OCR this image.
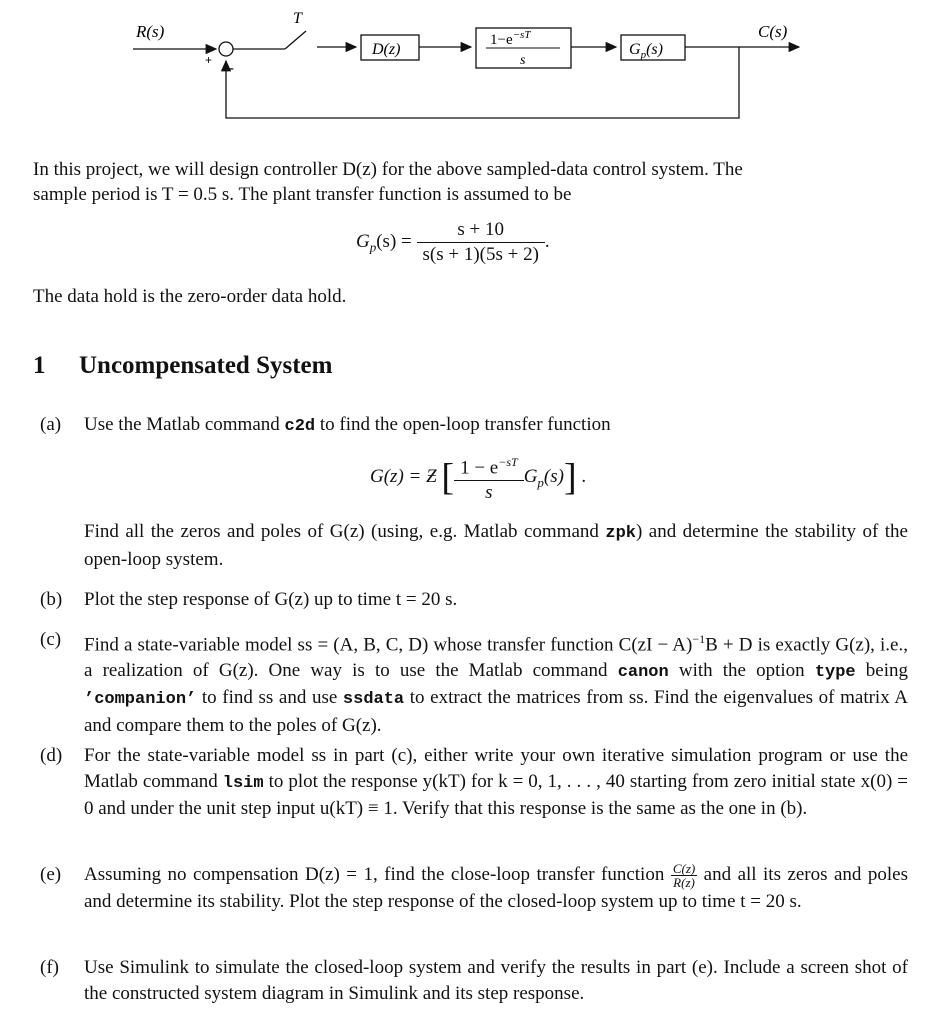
R(s)
T
+ -
D(z)
$1-e^{-sT}$
s
$G_p(s)$
C(s)
In this project, we will design controller D(z) for the above sampled-data control system. The
sample period is T = 0.5 s. The plant transfer function is assumed to be
$G_p(s) = \frac{s + 10}{s(s + 1)(5s + 2)}$ .
The data hold is the zero-order data hold.
1 Uncompensated System
(a)	Use the Matlab command c2d to find the open-loop transfer function
G(z) = Ƶ [ $\frac{1 - e^{-sT}}{s} G_p(s)$] .
Find all the zeros and poles of G(z) (using, e.g. Matlab command zpk) and determine the stability of the open-loop system.
(b)	Plot the step response of G(z) up to time t = 20 s.
(c)	Find a state-variable model ss = (A, B, C, D) whose transfer function C(zI − A)$^{-1}$B + D is exactly G(z), i.e., a realization of G(z). One way is to use the Matlab command canon with the option type being ’companion’ to find ss and use ssdata to extract the matrices from ss. Find the eigenvalues of matrix A and compare them to the poles of G(z).
(d)	For the state-variable model ss in part (c), either write your own iterative simulation program or use the Matlab command lsim to plot the response y(kT) for k = 0, 1, . . . , 40 starting from zero initial state x(0) = 0 and under the unit step input u(kT) ≡ 1. Verify that this response is the same as the one in (b).
(e)	Assuming no compensation D(z) = 1, find the close-loop transfer function $\frac{C(z)}{R(z)}$ and all its zeros and poles and determine its stability. Plot the step response of the closed-loop system up to time t = 20 s.
(f)	Use Simulink to simulate the closed-loop system and verify the results in part (e). Include a screen shot of the constructed system diagram in Simulink and its step response.
